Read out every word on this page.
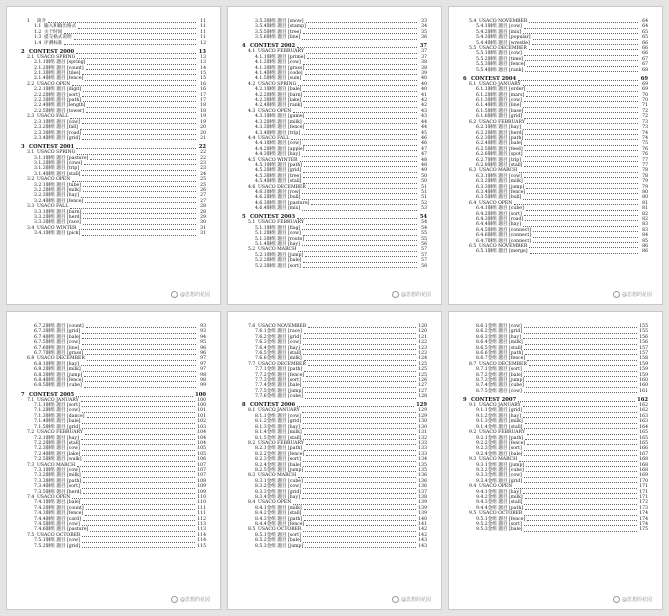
1	简介	11
1.1 输入和输出格式	11
1.2 关于时间	11
1.3 提交格式说明	11
1.4 评测标准	12
2 CONTEST 2000	13
2.1 USACO SPRING	13
2.1.1 铜组 题目 [spring]	13
2.1.2 铜组 题目 [count]	14
2.1.3 铜组 题目 [tiles]	15
2.1.4 铜组 题目 [fence]	15
2.2 USACO OPEN	16
2.2.1 铜组 题目 [digit]	16
2.2.2 铜组 题目 [sort]	17
2.2.3 铜组 题目 [path]	17
2.2.4 铜组 题目 [length]	18
2.2.5 铜组 题目 [tower]	18
2.3 USACO FALL	19
2.3.1 铜组 题目 [cow]	19
2.3.2 铜组 题目 [fall]	20
2.3.3 铜组 题目 [road]	20
2.3.4 铜组 题目 [grid]	21
3 CONTEST 2001	22
3.1 USACO SPRING	22
3.1.1 铜组 题目 [pasture]	22
3.1.2 铜组 题目 [cows]	23
3.1.3 铜组 题目 [trip]	23
3.1.4 铜组 题目 [stall]	24
3.2 USACO OPEN	25
3.2.1 铜组 题目 [tube]	25
3.2.2 铜组 题目 [milk]	26
3.2.3 铜组 题目 [hay]	27
3.2.4 铜组 题目 [fence]	27
3.3 USACO FALL	28
3.3.1 铜组 题目 [barn]	28
3.3.2 铜组 题目 [herd]	29
3.3.3 铜组 题目 [race]	30
3.4 USACO WINTER	31
3.4.1 铜组 题目 [pick]	31
@思想的花园
3.5.3 铜组 题目 [snow]	33
3.5.4 铜组 题目 [stamp]	34
3.5.5 铜组 题目 [tree]	35
3.5.6 铜组 题目 [line]	36
4 CONTEST 2002	37
4.1 USACO FEBRUARY	37
4.1.1 铜组 题目 [prime]	37
4.1.2 铜组 题目 [cow]	38
4.1.3 铜组 题目 [grass]	38
4.1.4 铜组 题目 [code]	39
4.1.5 铜组 题目 [sum]	40
4.2 USACO SPRING	40
4.2.1 铜组 题目 [bale]	40
4.2.2 铜组 题目 [barn]	41
4.2.3 铜组 题目 [lake]	42
4.2.4 铜组 题目 [rank]	42
4.3 USACO OPEN	43
4.3.1 铜组 题目 [game]	43
4.3.2 铜组 题目 [milk]	44
4.3.3 铜组 题目 [fence]	44
4.3.4 铜组 题目 [trip]	45
4.4 USACO FALL	46
4.4.1 铜组 题目 [cow]	46
4.4.2 铜组 题目 [apple]	47
4.4.3 铜组 题目 [hay]	47
4.5 USACO WINTER	48
4.5.1 铜组 题目 [path]	48
4.5.2 铜组 题目 [grid]	49
4.5.3 铜组 题目 [tree]	50
4.5.4 铜组 题目 [stall]	50
4.6 USACO DECEMBER	51
4.6.1 铜组 题目 [row]	51
4.6.2 铜组 题目 [bull]	51
4.6.3 铜组 题目 [pasture]	52
4.6.4 铜组 题目 [mix]	53
5 CONTEST 2003	54
5.1 USACO FEBRUARY	54
5.1.1 铜组 题目 [flag]	54
5.1.2 铜组 题目 [cow]	55
5.1.3 铜组 题目 [route]	55
5.1.4 铜组 题目 [hay]	56
5.2 USACO MARCH	57
5.2.1 铜组 题目 [jump]	57
5.2.2 铜组 题目 [bale]	57
5.2.3 铜组 题目 [sort]	58
@思想的花园
5.4 USACO NOVEMBER	64
5.4.1 铜组 题目 [cow]	64
5.4.2 铜组 题目 [mix]	65
5.4.3 铜组 题目 [popular]	65
5.4.4 铜组 题目 [wrestle]	66
5.5 USACO DECEMBER	66
5.5.1 铜组 题目 [cow]	66
5.5.2 铜组 题目 [time]	67
5.5.3 铜组 题目 [fence]	67
5.5.4 铜组 题目 [rank]	68
6 CONTEST 2004	69
6.1 USACO JANUARY	69
6.1.1 铜组 题目 [order]	69
6.1.2 铜组 题目 [mars]	70
6.1.3 铜组 题目 [cow]	70
6.1.4 铜组 题目 [line]	71
6.1.5 铜组 题目 [base]	72
6.1.6 铜组 题目 [grid]	72
6.2 USACO FEBRUARY	73
6.2.1 铜组 题目 [hay]	73
6.2.2 铜组 题目 [herd]	74
6.2.3 铜组 题目 [path]	74
6.2.4 铜组 题目 [bale]	75
6.2.5 铜组 题目 [feed]	76
6.2.6 铜组 题目 [spot]	76
6.2.7 铜组 题目 [trip]	77
6.2.8 铜组 题目 [stall]	77
6.3 USACO MARCH	78
6.3.1 铜组 题目 [cow]	78
6.3.2 铜组 题目 [milk]	79
6.3.3 铜组 题目 [jump]	79
6.3.4 铜组 题目 [fence]	80
6.3.5 铜组 题目 [bull]	80
6.4 USACO OPEN	81
6.4.1 铜组 题目 [cube]	81
6.4.2 铜组 题目 [sort]	82
6.4.3 铜组 题目 [road]	82
6.4.4 铜组 题目 [hay]	83
6.4.5 铜组 题目 [connect]	83
6.4.6 铜组 题目 [connect]	84
6.4.7 铜组 题目 [connect]	85
6.5 USACO NOVEMBER	86
6.5.1 铜组 题目 [merge]	86
@思想的花园
6.7.2 铜组 题目 [count]	93
6.7.3 铜组 题目 [grid]	93
6.7.4 铜组 题目 [bale]	94
6.7.5 铜组 题目 [cow]	95
6.7.6 铜组 题目 [line]	96
6.7.7 铜组 题目 [grass]	96
6.8 USACO DECEMBER	97
6.8.1 铜组 题目 [hay]	97
6.8.2 铜组 题目 [milk]	97
6.8.3 铜组 题目 [jump]	98
6.8.4 铜组 题目 [fence]	98
6.8.5 铜组 题目 [cube]	99
7 CONTEST 2005	100
7.1 USACO JANUARY	100
7.1.1 铜组 题目 [sort]	100
7.1.2 铜组 题目 [cow]	101
7.1.3 铜组 题目 [dance]	101
7.1.4 铜组 题目 [bale]	102
7.1.5 铜组 题目 [grid]	103
7.2 USACO FEBRUARY	104
7.2.1 铜组 题目 [hay]	104
7.2.2 铜组 题目 [stall]	104
7.2.3 铜组 题目 [cow]	105
7.2.4 铜组 题目 [lake]	105
7.2.5 铜组 题目 [walk]	106
7.3 USACO MARCH	107
7.3.1 铜组 题目 [cow]	107
7.3.2 铜组 题目 [milk]	107
7.3.3 铜组 题目 [path]	108
7.3.4 铜组 题目 [sort]	109
7.3.5 铜组 题目 [herd]	109
7.4 USACO OPEN	110
7.4.1 铜组 题目 [bale]	110
7.4.2 铜组 题目 [count]	111
7.4.3 铜组 题目 [fence]	111
7.4.4 铜组 题目 [card]	112
7.4.5 铜组 题目 [cow]	113
7.4.6 铜组 题目 [pasture]	113
7.5 USACO OCTOBER	114
7.5.1 铜组 题目 [cow]	114
7.5.2 铜组 题目 [grid]	115
@思想的花园
7.6 USACO NOVEMBER	120
7.6.1 金组 题目 [race]	120
7.6.2 金组 题目 [grid]	121
7.6.3 金组 题目 [cow]	122
7.6.4 金组 题目 [hay]	123
7.6.5 金组 题目 [stall]	123
7.6.6 金组 题目 [milk]	124
7.7 USACO DECEMBER	125
7.7.1 金组 题目 [path]	125
7.7.2 金组 题目 [fence]	125
7.7.3 金组 题目 [sort]	126
7.7.4 金组 题目 [bale]	127
7.7.5 金组 题目 [jump]	127
7.7.6 金组 题目 [cube]	128
8 CONTEST 2006	129
8.1 USACO JANUARY	129
8.1.1 金组 题目 [cow]	129
8.1.2 金组 题目 [grid]	130
8.1.3 金组 题目 [hay]	130
8.1.4 金组 题目 [milk]	131
8.1.5 金组 题目 [stall]	132
8.2 USACO FEBRUARY	133
8.2.1 金组 题目 [path]	133
8.2.2 金组 题目 [fence]	133
8.2.3 金组 题目 [sort]	134
8.2.4 金组 题目 [bale]	135
8.2.5 金组 题目 [jump]	135
8.3 USACO MARCH	136
8.3.1 金组 题目 [cube]	136
8.3.2 金组 题目 [cow]	136
8.3.3 金组 题目 [grid]	137
8.3.4 金组 题目 [hay]	138
8.4 USACO OPEN	139
8.4.1 金组 题目 [milk]	139
8.4.2 金组 题目 [stall]	139
8.4.3 金组 题目 [path]	140
8.4.4 金组 题目 [fence]	141
8.5 USACO OCTOBER	142
8.5.1 金组 题目 [sort]	142
8.5.2 金组 题目 [bale]	143
8.5.3 金组 题目 [jump]	143
@思想的花园
8.6.1 金组 题目 [cow]	155
8.6.2 金组 题目 [grid]	155
8.6.3 金组 题目 [hay]	156
8.6.4 金组 题目 [milk]	156
8.6.5 金组 题目 [stall]	157
8.6.6 金组 题目 [path]	157
8.6.7 金组 题目 [fence]	158
8.7 USACO DECEMBER	159
8.7.1 金组 题目 [sort]	159
8.7.2 金组 题目 [bale]	159
8.7.3 金组 题目 [jump]	160
8.7.4 金组 题目 [cube]	160
8.7.5 金组 题目 [cow]	161
9 CONTEST 2007	162
9.1 USACO JANUARY	162
9.1.1 金组 题目 [grid]	162
9.1.2 金组 题目 [hay]	163
9.1.3 金组 题目 [milk]	163
9.1.4 金组 题目 [stall]	164
9.2 USACO FEBRUARY	165
9.2.1 金组 题目 [path]	165
9.2.2 金组 题目 [fence]	165
9.2.3 金组 题目 [sort]	166
9.2.4 金组 题目 [bale]	167
9.3 USACO MARCH	168
9.3.1 金组 题目 [jump]	168
9.3.2 金组 题目 [cube]	168
9.3.3 金组 题目 [cow]	169
9.3.4 金组 题目 [grid]	170
9.4 USACO OPEN	171
9.4.1 金组 题目 [hay]	171
9.4.2 金组 题目 [milk]	171
9.4.3 金组 题目 [stall]	172
9.4.4 金组 题目 [path]	173
9.5 USACO OCTOBER	174
9.5.1 金组 题目 [fence]	174
9.5.2 金组 题目 [sort]	174
9.5.3 金组 题目 [bale]	175
@思想的花园
